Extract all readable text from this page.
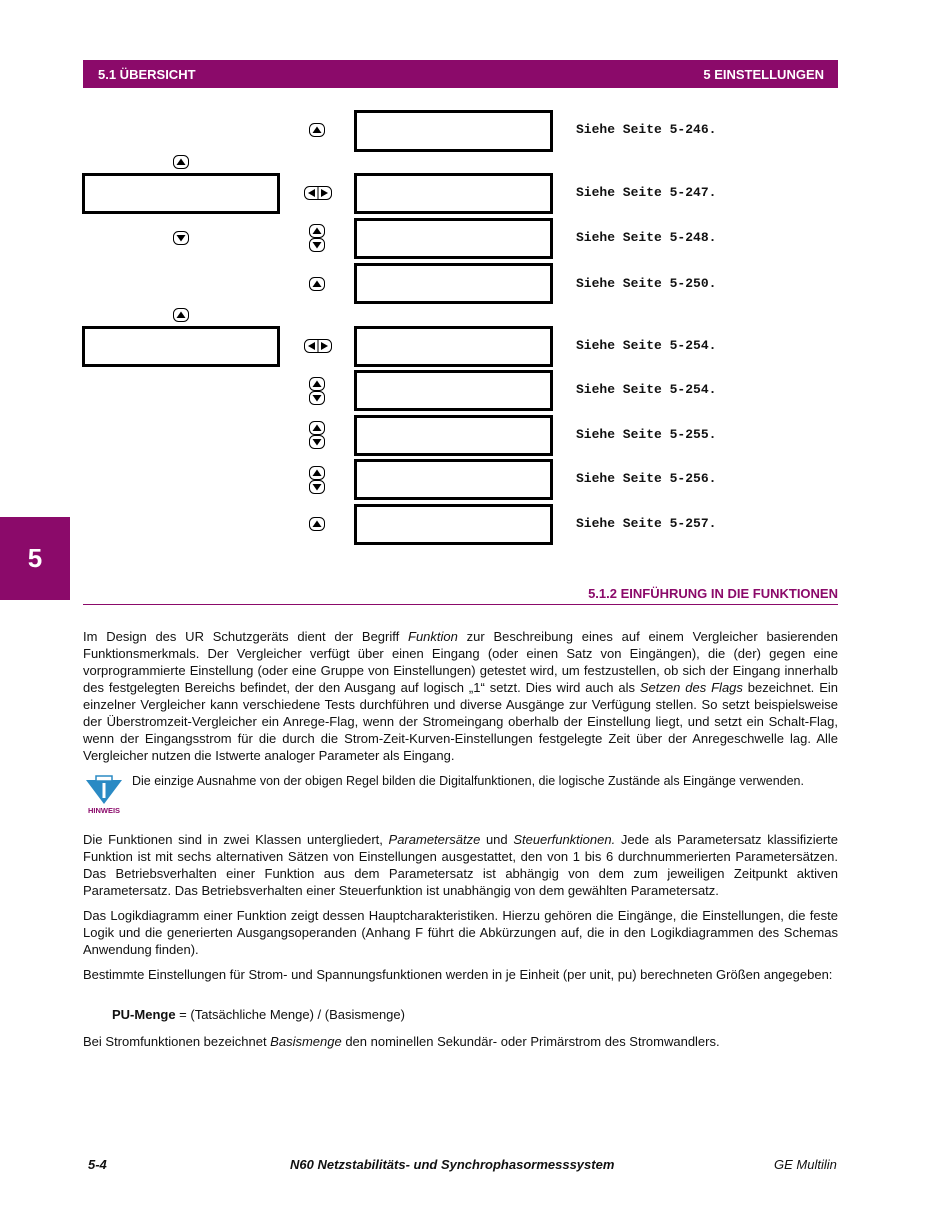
5.1 ÜBERSICHT	5 EINSTELLUNGEN
5

Siehe Seite 5-246.
Siehe Seite 5-247.
Siehe Seite 5-248.
Siehe Seite 5-250.
Siehe Seite 5-254.
Siehe Seite 5-254.
Siehe Seite 5-255.
Siehe Seite 5-256.
Siehe Seite 5-257.
5.1.2 EINFÜHRUNG IN DIE FUNKTIONEN

Im Design des UR Schutzgeräts dient der Begriff Funktion zur Beschreibung eines auf einem Vergleicher basierenden Funktionsmerkmals. Der Vergleicher verfügt über einen Eingang (oder einen Satz von Eingängen), die (der) gegen eine vorprogrammierte Einstellung (oder eine Gruppe von Einstellungen) getestet wird, um festzustellen, ob sich der Eingang innerhalb des festgelegten Bereichs befindet, der den Ausgang auf logisch „1“ setzt. Dies wird auch als Setzen des Flags bezeichnet. Ein einzelner Vergleicher kann verschiedene Tests durchführen und diverse Ausgänge zur Verfügung stellen. So setzt beispielsweise der Überstromzeit-Vergleicher ein Anrege-Flag, wenn der Stromeingang oberhalb der Einstellung liegt, und setzt ein Schalt-Flag, wenn der Eingangsstrom für die durch die Strom-Zeit-Kurven-Einstellungen festgelegte Zeit über der Anregeschwelle lag. Alle Vergleicher nutzen die Istwerte analoger Parameter als Eingang.

HINWEIS

Die einzige Ausnahme von der obigen Regel bilden die Digitalfunktionen, die logische Zustände als Eingänge verwenden.

Die Funktionen sind in zwei Klassen untergliedert, Parametersätze und Steuerfunktionen. Jede als Parametersatz klassifizierte Funktion ist mit sechs alternativen Sätzen von Einstellungen ausgestattet, den von 1 bis 6 durchnummerierten Parametersätzen. Das Betriebsverhalten einer Funktion aus dem Parametersatz ist abhängig von dem zum jeweiligen Zeitpunkt aktiven Parametersatz. Das Betriebsverhalten einer Steuerfunktion ist unabhängig von dem gewählten Parametersatz.

Das Logikdiagramm einer Funktion zeigt dessen Hauptcharakteristiken. Hierzu gehören die Eingänge, die Einstellungen, die feste Logik und die generierten Ausgangsoperanden (Anhang F führt die Abkürzungen auf, die in den Logikdiagrammen des Schemas Anwendung finden).

Bestimmte Einstellungen für Strom- und Spannungsfunktionen werden in je Einheit (per unit, pu) berechneten Größen angegeben:

PU-Menge = (Tatsächliche Menge) / (Basismenge)

Bei Stromfunktionen bezeichnet Basismenge den nominellen Sekundär- oder Primärstrom des Stromwandlers.

5-4	N60 Netzstabilitäts- und Synchrophasormesssystem	GE Multilin
